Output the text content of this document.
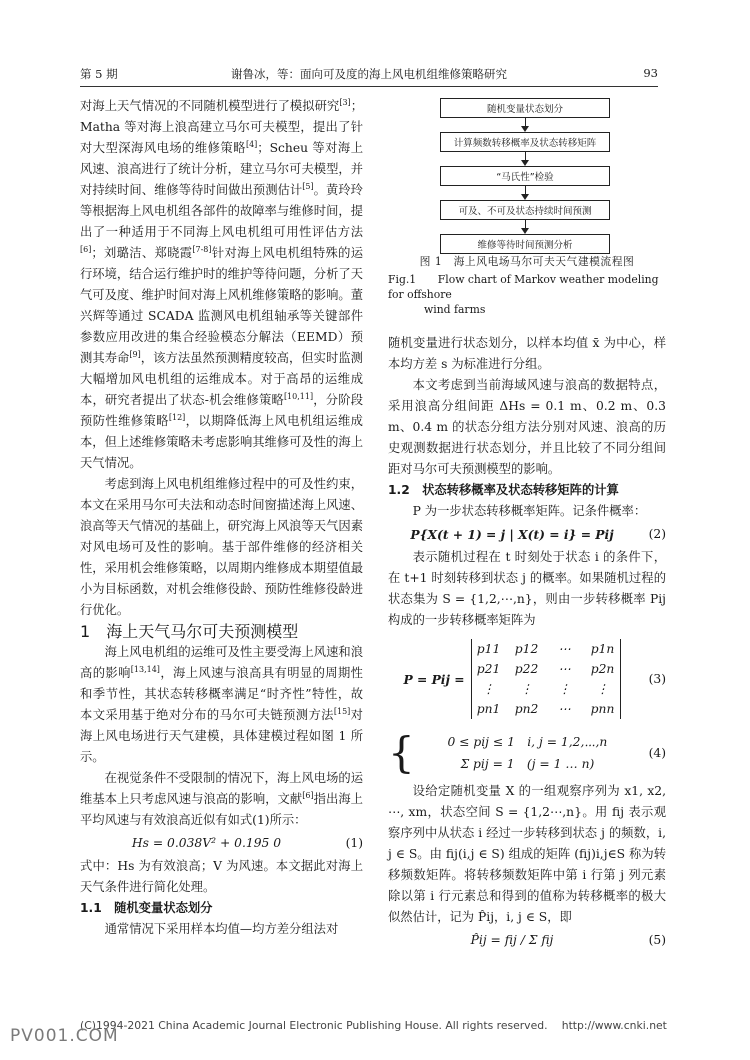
第 5 期	谢鲁冰，等：面向可及度的海上风电机组维修策略研究	93

对海上天气情况的不同随机模型进行了模拟研究[3]；Matha 等对海上浪高建立马尔可夫模型，提出了针对大型深海风电场的维修策略[4]；Scheu 等对海上风速、浪高进行了统计分析，建立马尔可夫模型，并对持续时间、维修等待时间做出预测估计[5]。黄玲玲等根据海上风电机组各部件的故障率与维修时间，提出了一种适用于不同海上风电机组可用性评估方法[6]；刘璐洁、郑晓霞[7-8]针对海上风电机组特殊的运行环境，结合运行维护时的维护等待问题，分析了天气可及度、维护时间对海上风机维修策略的影响。董兴辉等通过 SCADA 监测风电机组轴承等关键部件参数应用改进的集合经验模态分解法（EEMD）预测其寿命[9]，该方法虽然预测精度较高，但实时监测大幅增加风电机组的运维成本。对于高昂的运维成本，研究者提出了状态-机会维修策略[10,11]，分阶段预防性维修策略[12]，以期降低海上风电机组运维成本，但上述维修策略未考虑影响其维修可及性的海上天气情况。

考虑到海上风电机组维修过程中的可及性约束，本文在采用马尔可夫法和动态时间窗描述海上风速、浪高等天气情况的基础上，研究海上风浪等天气因素对风电场可及性的影响。基于部件维修的经济相关性，采用机会维修策略，以周期内维修成本期望值最小为目标函数，对机会维修役龄、预防性维修役龄进行优化。

1　 海上天气马尔可夫预测模型

海上风电机组的运维可及性主要受海上风速和浪高的影响[13,14]，海上风速与浪高具有明显的周期性和季节性，其状态转移概率满足“时齐性”特性，故本文采用基于绝对分布的马尔可夫链预测方法[15]对海上风电场进行天气建模，具体建模过程如图 1 所示。

在视觉条件不受限制的情况下，海上风电场的运维基本上只考虑风速与浪高的影响，文献[6]指出海上平均风速与有效浪高近似有如式(1)所示：

Hs = 0.038V² + 0.195 0	(1)

式中：Hs 为有效浪高；V 为风速。本文据此对海上天气条件进行简化处理。

1.1　随机变量状态划分

通常情况下采用样本均值—均方差分组法对

随机变量状态划分
计算频数转移概率及状态转移矩阵
“马氏性”检验
可及、不可及状态持续时间预测
维修等待时间预测分析
图 1　海上风电场马尔可夫天气建模流程图
Fig.1　　Flow chart of Markov weather modeling for offshore
wind farms

随机变量进行状态划分，以样本均值 x̄ 为中心，样本均方差 s 为标准进行分组。

本文考虑到当前海域风速与浪高的数据特点，采用浪高分组间距 ΔHs = 0.1 m、0.2 m、0.3 m、0.4 m 的状态分组方法分别对风速、浪高的历史观测数据进行状态划分，并且比较了不同分组间距对马尔可夫预测模型的影响。

1.2　状态转移概率及状态转移矩阵的计算

P 为一步状态转移概率矩阵。记条件概率：

P{X(t + 1) = j | X(t) = i} = Pij	(2)

表示随机过程在 t 时刻处于状态 i 的条件下，在 t+1 时刻转移到状态 j 的概率。如果随机过程的状态集为 S = {1,2,⋯,n}，则由一步转移概率 Pij 构成的一步转移概率矩阵为

P = Pij =
p11 p12	⋯	p1n
p21 p22	⋯	p2n
⋮	⋮	⋮	⋮
pn1 pn2	⋯	pnn
(3)
{	0 ≤ pij ≤ 1　i, j = 1,2,⋯,n
Σ pij = 1　(j = 1 … n)
(4)

设给定随机变量 X 的一组观察序列为 x1, x2, ⋯, xm，状态空间 S = {1,2⋯,n}。用 fij 表示观察序列中从状态 i 经过一步转移到状态 j 的频数，i, j ∈ S。由 fij(i,j ∈ S) 组成的矩阵 (fij)i,j∈S 称为转移频数矩阵。将转移频数矩阵中第 i 行第 j 列元素除以第 i 行元素总和得到的值称为转移概率的极大似然估计，记为 P̂ij，i, j ∈ S，即

P̂ij = fij / Σ fij	(5)
(C)1994-2021 China Academic Journal Electronic Publishing House. All rights reserved.　 http://www.cnki.net
PV001.COM
